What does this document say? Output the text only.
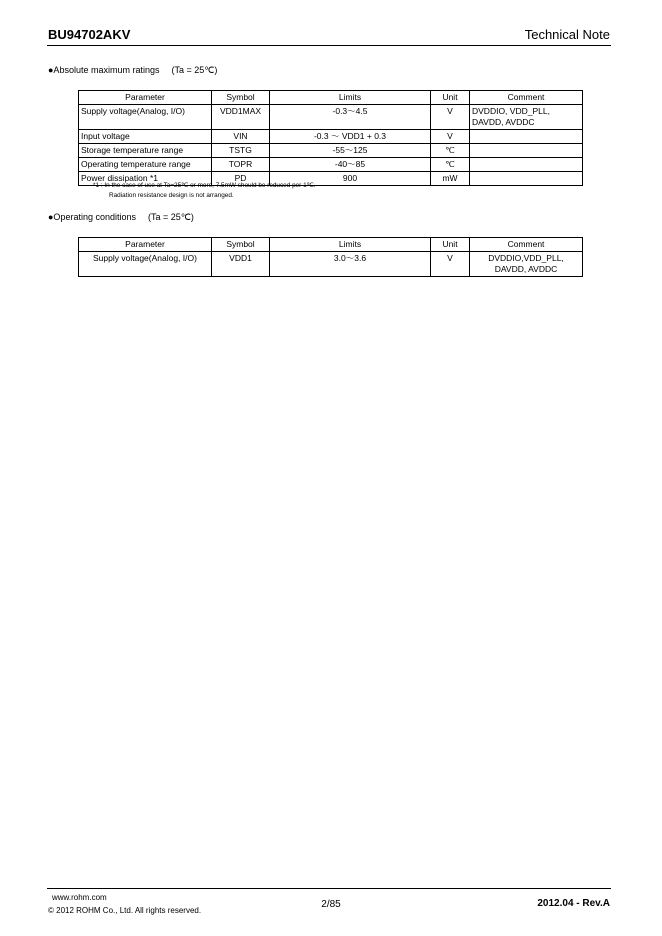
BU94702AKV	Technical Note
●Absolute maximum ratings (Ta = 25℃)
Parameter	Symbol	Limits	Unit	Comment
Supply voltage(Analog, I/O)	VDD1MAX	-0.3～4.5	V	DVDDIO, VDD_PLL, DAVDD, AVDDC
Input voltage	VIN	-0.3 ～ VDD1 + 0.3	V	
Storage temperature range	TSTG	-55～125	℃	
Operating temperature range	TOPR	-40～85	℃	
Power dissipation *1	PD	900	mW	
*1 : In the case of use at Ta=25℃ or more, 7.5mW should be reduced per 1℃.
Radiation resistance design is not arranged.
●Operating conditions (Ta = 25℃)
Parameter	Symbol	Limits	Unit	Comment
Supply voltage(Analog, I/O)	VDD1	3.0～3.6	V	DVDDIO,VDD_PLL, DAVDD, AVDDC
www.rohm.com
© 2012 ROHM Co., Ltd. All rights reserved.
2/85	2012.04 - Rev.A
